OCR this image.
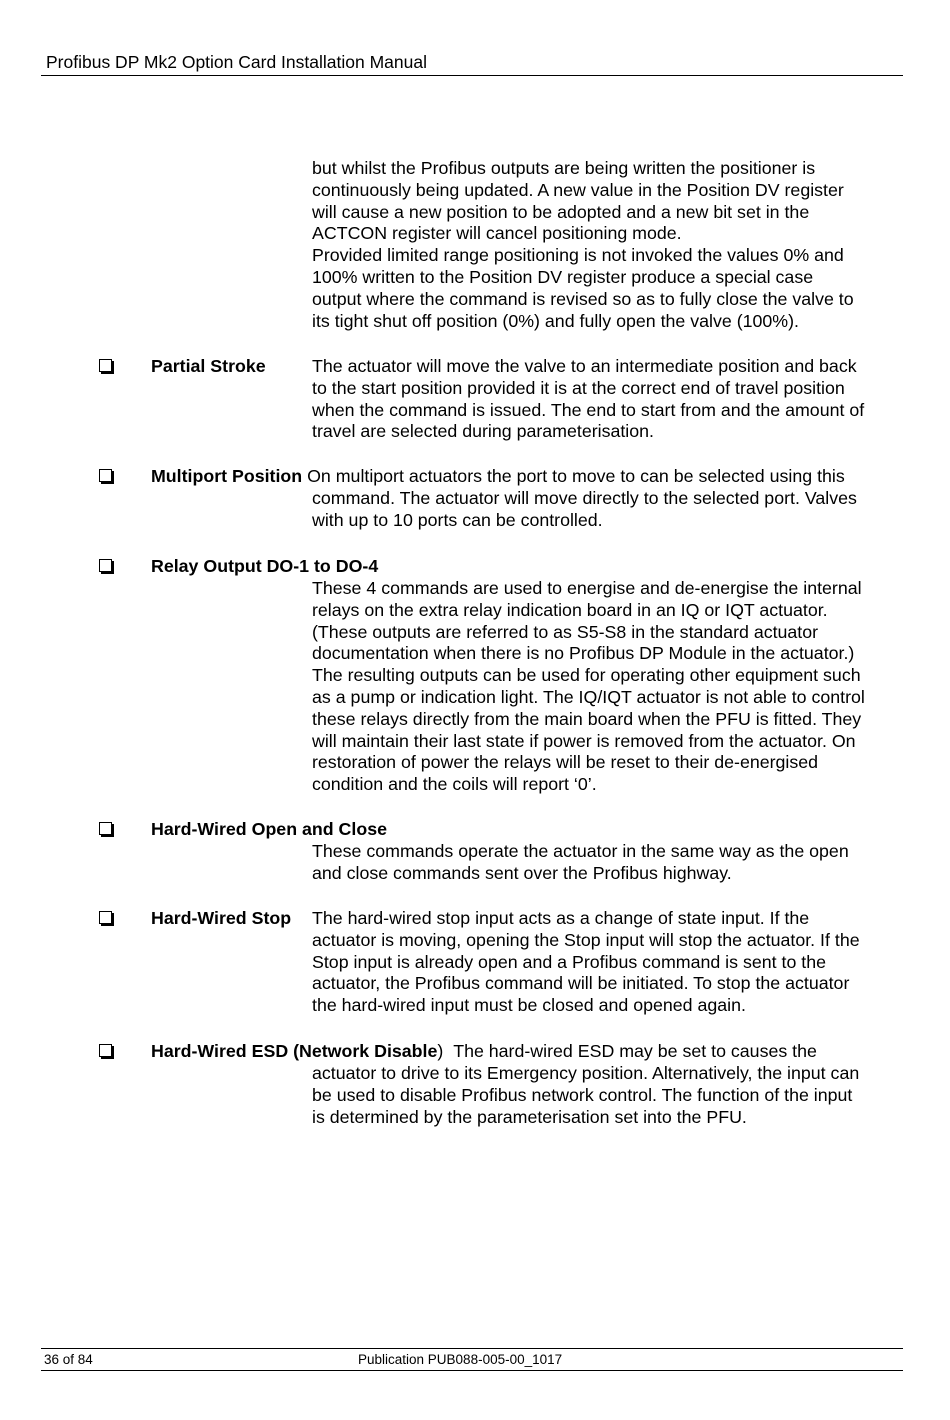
Profibus DP Mk2 Option Card Installation Manual
but whilst the Profibus outputs are being written the positioner is
continuously being updated. A new value in the Position DV register
will cause a new position to be adopted and a new bit set in the
ACTCON register will cancel positioning mode.
Provided limited range positioning is not invoked the values 0% and
100% written to the Position DV register produce a special case
output where the command is revised so as to fully close the valve to
its tight shut off position (0%) and fully open the valve (100%).
Partial Stroke	The actuator will move the valve to an intermediate position and back
to the start position provided it is at the correct end of travel position
when the command is issued. The end to start from and the amount of
travel are selected during parameterisation.
Multiport Position On multiport actuators the port to move to can be selected using this
command. The actuator will move directly to the selected port. Valves
with up to 10 ports can be controlled.
Relay Output DO-1 to DO-4
These 4 commands are used to energise and de-energise the internal
relays on the extra relay indication board in an IQ or IQT actuator.
(These outputs are referred to as S5-S8 in the standard actuator
documentation when there is no Profibus DP Module in the actuator.)
The resulting outputs can be used for operating other equipment such
as a pump or indication light. The IQ/IQT actuator is not able to control
these relays directly from the main board when the PFU is fitted. They
will maintain their last state if power is removed from the actuator. On
restoration of power the relays will be reset to their de-energised
condition and the coils will report ‘0’.
Hard-Wired Open and Close
These commands operate the actuator in the same way as the open
and close commands sent over the Profibus highway.
Hard-Wired Stop The hard-wired stop input acts as a change of state input. If the
actuator is moving, opening the Stop input will stop the actuator. If the
Stop input is already open and a Profibus command is sent to the
actuator, the Profibus command will be initiated. To stop the actuator
the hard-wired input must be closed and opened again.
Hard-Wired ESD (Network Disable) The hard-wired ESD may be set to causes the
actuator to drive to its Emergency position. Alternatively, the input can
be used to disable Profibus network control. The function of the input
is determined by the parameterisation set into the PFU.
36 of 84	Publication PUB088-005-00_1017
